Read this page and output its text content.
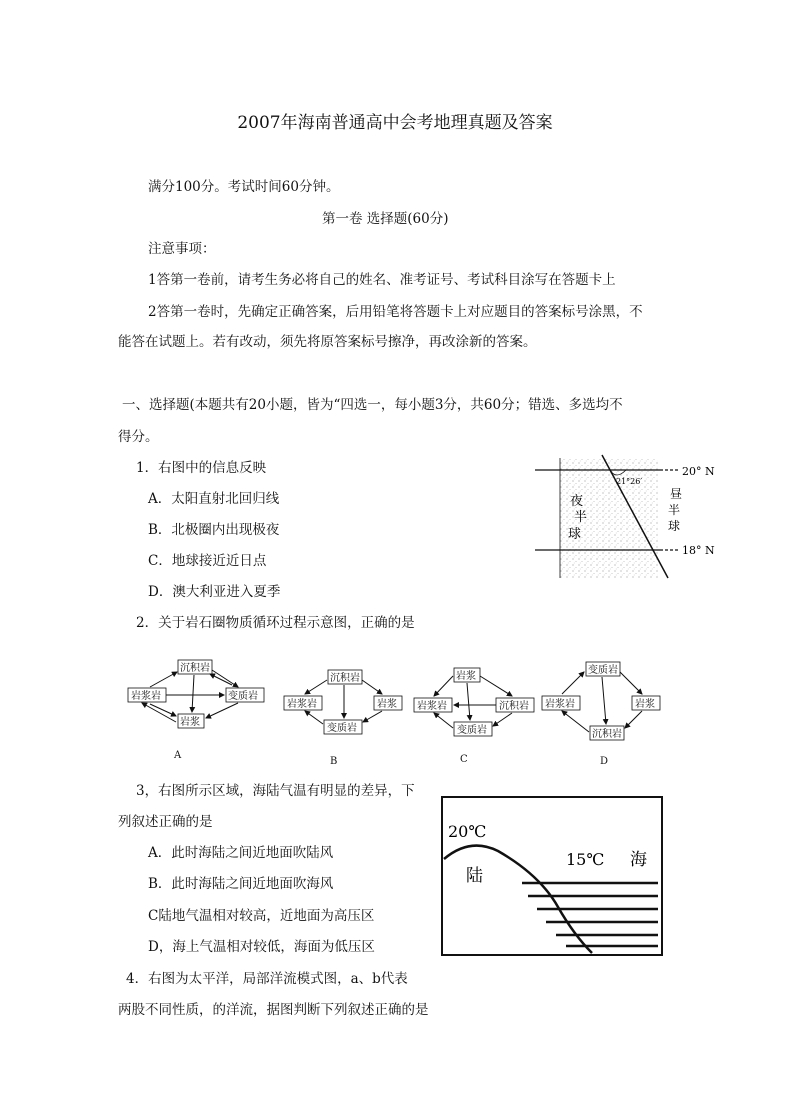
2007年海南普通高中会考地理真题及答案
满分100分。考试时间60分钟。
第一卷 选择题(60分)
注意事项：
1答第一卷前，请考生务必将自己的姓名、准考证号、考试科目涂写在答题卡上
2答第一卷时，先确定正确答案，后用铅笔将答题卡上对应题目的答案标号涂黑，不
能答在试题上。若有改动，须先将原答案标号擦净，再改涂新的答案。
一、选择题(本题共有20小题，皆为“四选一，每小题3分，共60分；错选、多选均不
得分。
1．右图中的信息反映
A．太阳直射北回归线
B．北极圈内出现极夜
C．地球接近近日点
D．澳大利亚进入夏季
21°26′
20° N
18° N
夜
半
球
昼
半
球
2．关于岩石圈物质循环过程示意图，正确的是
沉积岩
岩浆岩	变质岩
岩浆
A
沉积岩
岩浆岩	岩浆
变质岩
B
岩浆
岩浆岩	沉积岩
变质岩
C
变质岩
岩浆岩	岩浆
沉积岩
D
3，右图所示区域，海陆气温有明显的差异，下
列叙述正确的是
A．此时海陆之间近地面吹陆风
B．此时海陆之间近地面吹海风
C陆地气温相对较高，近地面为高压区
D，海上气温相对较低，海面为低压区
20℃
陆
15℃ 海
4．右图为太平洋，局部洋流模式图，a、b代表
两股不同性质，的洋流，据图判断下列叙述正确的是
